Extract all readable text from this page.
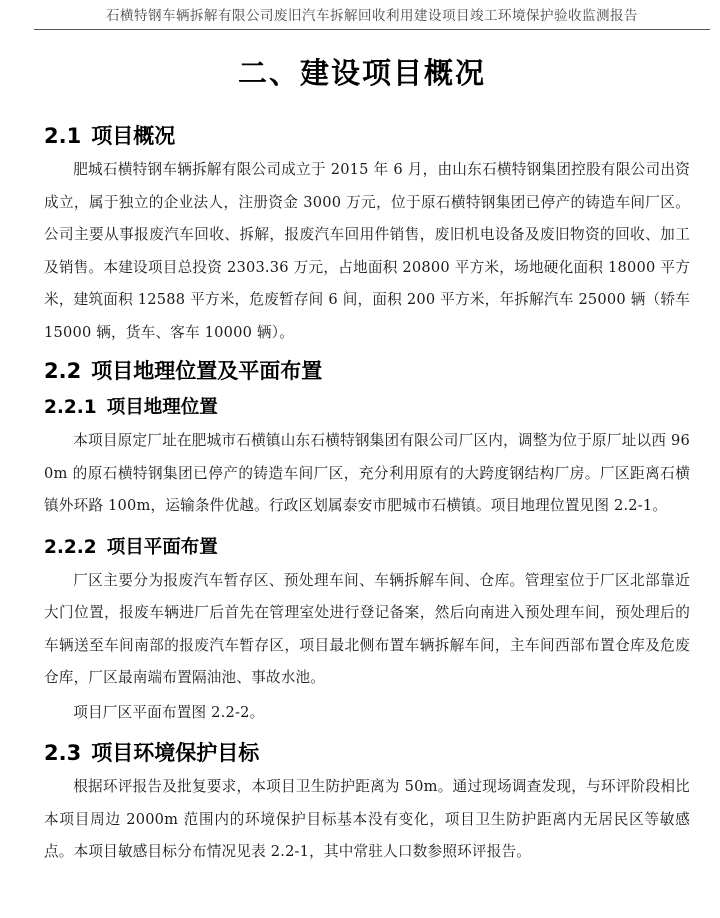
石横特钢车辆拆解有限公司废旧汽车拆解回收利用建设项目竣工环境保护验收监测报告
二、建设项目概况
2.1 项目概况

肥城石横特钢车辆拆解有限公司成立于 2015 年 6 月，由山东石横特钢集团控股有限公司出资成立，属于独立的企业法人，注册资金 3000 万元，位于原石横特钢集团已停产的铸造车间厂区。公司主要从事报废汽车回收、拆解，报废汽车回用件销售，废旧机电设备及废旧物资的回收、加工及销售。本建设项目总投资 2303.36 万元，占地面积 20800 平方米，场地硬化面积 18000 平方米，建筑面积 12588 平方米，危废暂存间 6 间，面积 200 平方米，年拆解汽车 25000 辆（轿车 15000 辆，货车、客车 10000 辆）。

2.2 项目地理位置及平面布置
2.2.1 项目地理位置

本项目原定厂址在肥城市石横镇山东石横特钢集团有限公司厂区内，调整为位于原厂址以西 960m 的原石横特钢集团已停产的铸造车间厂区，充分利用原有的大跨度钢结构厂房。厂区距离石横镇外环路 100m，运输条件优越。行政区划属泰安市肥城市石横镇。项目地理位置见图 2.2-1。

2.2.2 项目平面布置

厂区主要分为报废汽车暂存区、预处理车间、车辆拆解车间、仓库。管理室位于厂区北部靠近大门位置，报废车辆进厂后首先在管理室处进行登记备案，然后向南进入预处理车间，预处理后的车辆送至车间南部的报废汽车暂存区，项目最北侧布置车辆拆解车间，主车间西部布置仓库及危废仓库，厂区最南端布置隔油池、事故水池。

项目厂区平面布置图 2.2-2。

2.3 项目环境保护目标

根据环评报告及批复要求，本项目卫生防护距离为 50m。通过现场调查发现，与环评阶段相比本项目周边 2000m 范围内的环境保护目标基本没有变化，项目卫生防护距离内无居民区等敏感点。本项目敏感目标分布情况见表 2.2-1，其中常驻人口数参照环评报告。
